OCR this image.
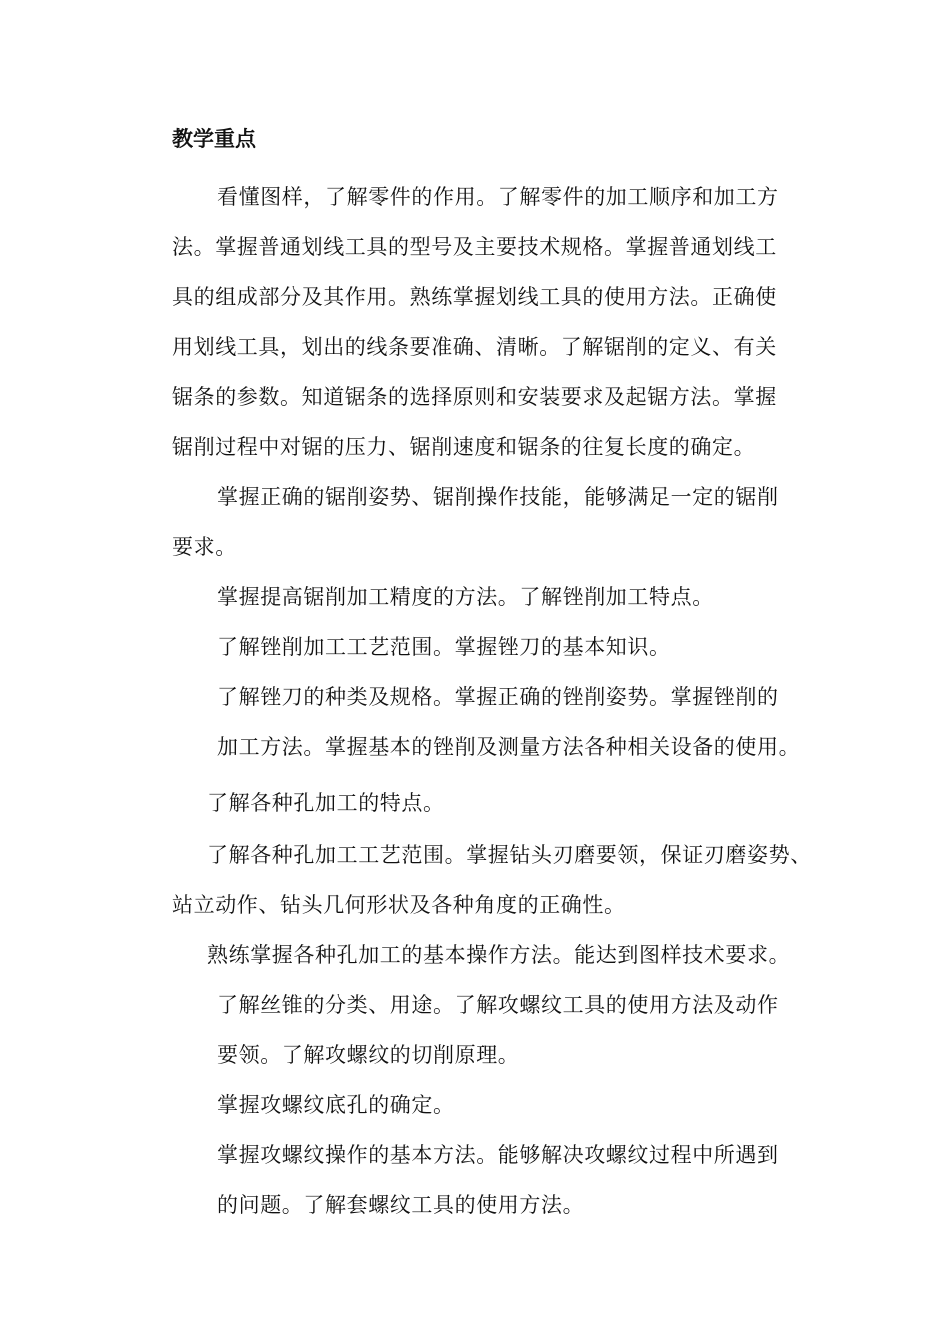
教学重点

看懂图样，了解零件的作用。了解零件的加工顺序和加工方

法。掌握普通划线工具的型号及主要技术规格。掌握普通划线工

具的组成部分及其作用。熟练掌握划线工具的使用方法。正确使

用划线工具，划出的线条要准确、清晰。了解锯削的定义、有关

锯条的参数。知道锯条的选择原则和安装要求及起锯方法。掌握

锯削过程中对锯的压力、锯削速度和锯条的往复长度的确定。

掌握正确的锯削姿势、锯削操作技能，能够满足一定的锯削

要求。

掌握提高锯削加工精度的方法。了解锉削加工特点。

了解锉削加工工艺范围。掌握锉刀的基本知识。

了解锉刀的种类及规格。掌握正确的锉削姿势。掌握锉削的

加工方法。掌握基本的锉削及测量方法各种相关设备的使用。

了解各种孔加工的特点。

了解各种孔加工工艺范围。掌握钻头刃磨要领，保证刃磨姿势、

站立动作、钻头几何形状及各种角度的正确性。

熟练掌握各种孔加工的基本操作方法。能达到图样技术要求。

了解丝锥的分类、用途。了解攻螺纹工具的使用方法及动作

要领。了解攻螺纹的切削原理。

掌握攻螺纹底孔的确定。

掌握攻螺纹操作的基本方法。能够解决攻螺纹过程中所遇到

的问题。了解套螺纹工具的使用方法。
